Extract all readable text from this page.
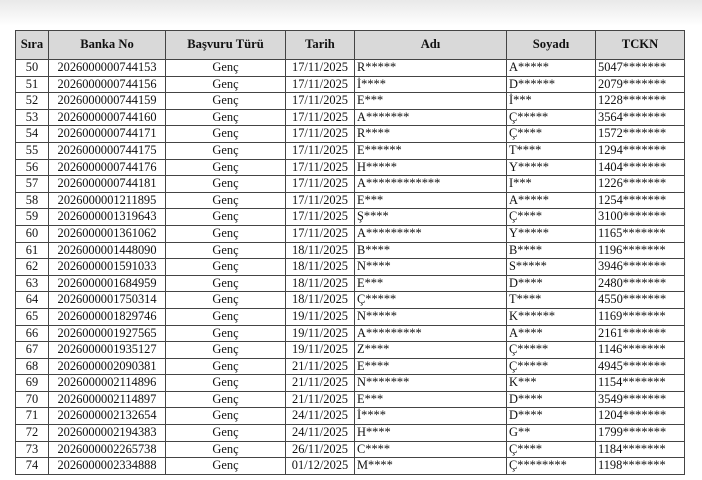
Sıra	Banka No	Başvuru Türü	Tarih	Adı	Soyadı	TCKN
50	2026000000744153	Genç	17/11/2025	R*****	A*****	5047*******
51	2026000000744156	Genç	17/11/2025	İ****	D******	2079*******
52	2026000000744159	Genç	17/11/2025	E***	İ***	1228*******
53	2026000000744160	Genç	17/11/2025	A*******	Ç*****	3564*******
54	2026000000744171	Genç	17/11/2025	R****	Ç****	1572*******
55	2026000000744175	Genç	17/11/2025	E******	T****	1294*******
56	2026000000744176	Genç	17/11/2025	H*****	Y*****	1404*******
57	2026000000744181	Genç	17/11/2025	A************	I***	1226*******
58	2026000001211895	Genç	17/11/2025	E***	A*****	1254*******
59	2026000001319643	Genç	17/11/2025	Ş****	Ç****	3100*******
60	2026000001361062	Genç	17/11/2025	A*********	Y*****	1165*******
61	2026000001448090	Genç	18/11/2025	B****	B****	1196*******
62	2026000001591033	Genç	18/11/2025	N****	S*****	3946*******
63	2026000001684959	Genç	18/11/2025	E***	D****	2480*******
64	2026000001750314	Genç	18/11/2025	Ç*****	T****	4550*******
65	2026000001829746	Genç	19/11/2025	N*****	K******	1169*******
66	2026000001927565	Genç	19/11/2025	A*********	A****	2161*******
67	2026000001935127	Genç	19/11/2025	Z****	Ç*****	1146*******
68	2026000002090381	Genç	21/11/2025	E****	Ç*****	4945*******
69	2026000002114896	Genç	21/11/2025	N*******	K***	1154*******
70	2026000002114897	Genç	21/11/2025	E***	D****	3549*******
71	2026000002132654	Genç	24/11/2025	İ****	D****	1204*******
72	2026000002194383	Genç	24/11/2025	H****	G**	1799*******
73	2026000002265738	Genç	26/11/2025	C****	Ç****	1184*******
74	2026000002334888	Genç	01/12/2025	M****	Ç********	1198*******
